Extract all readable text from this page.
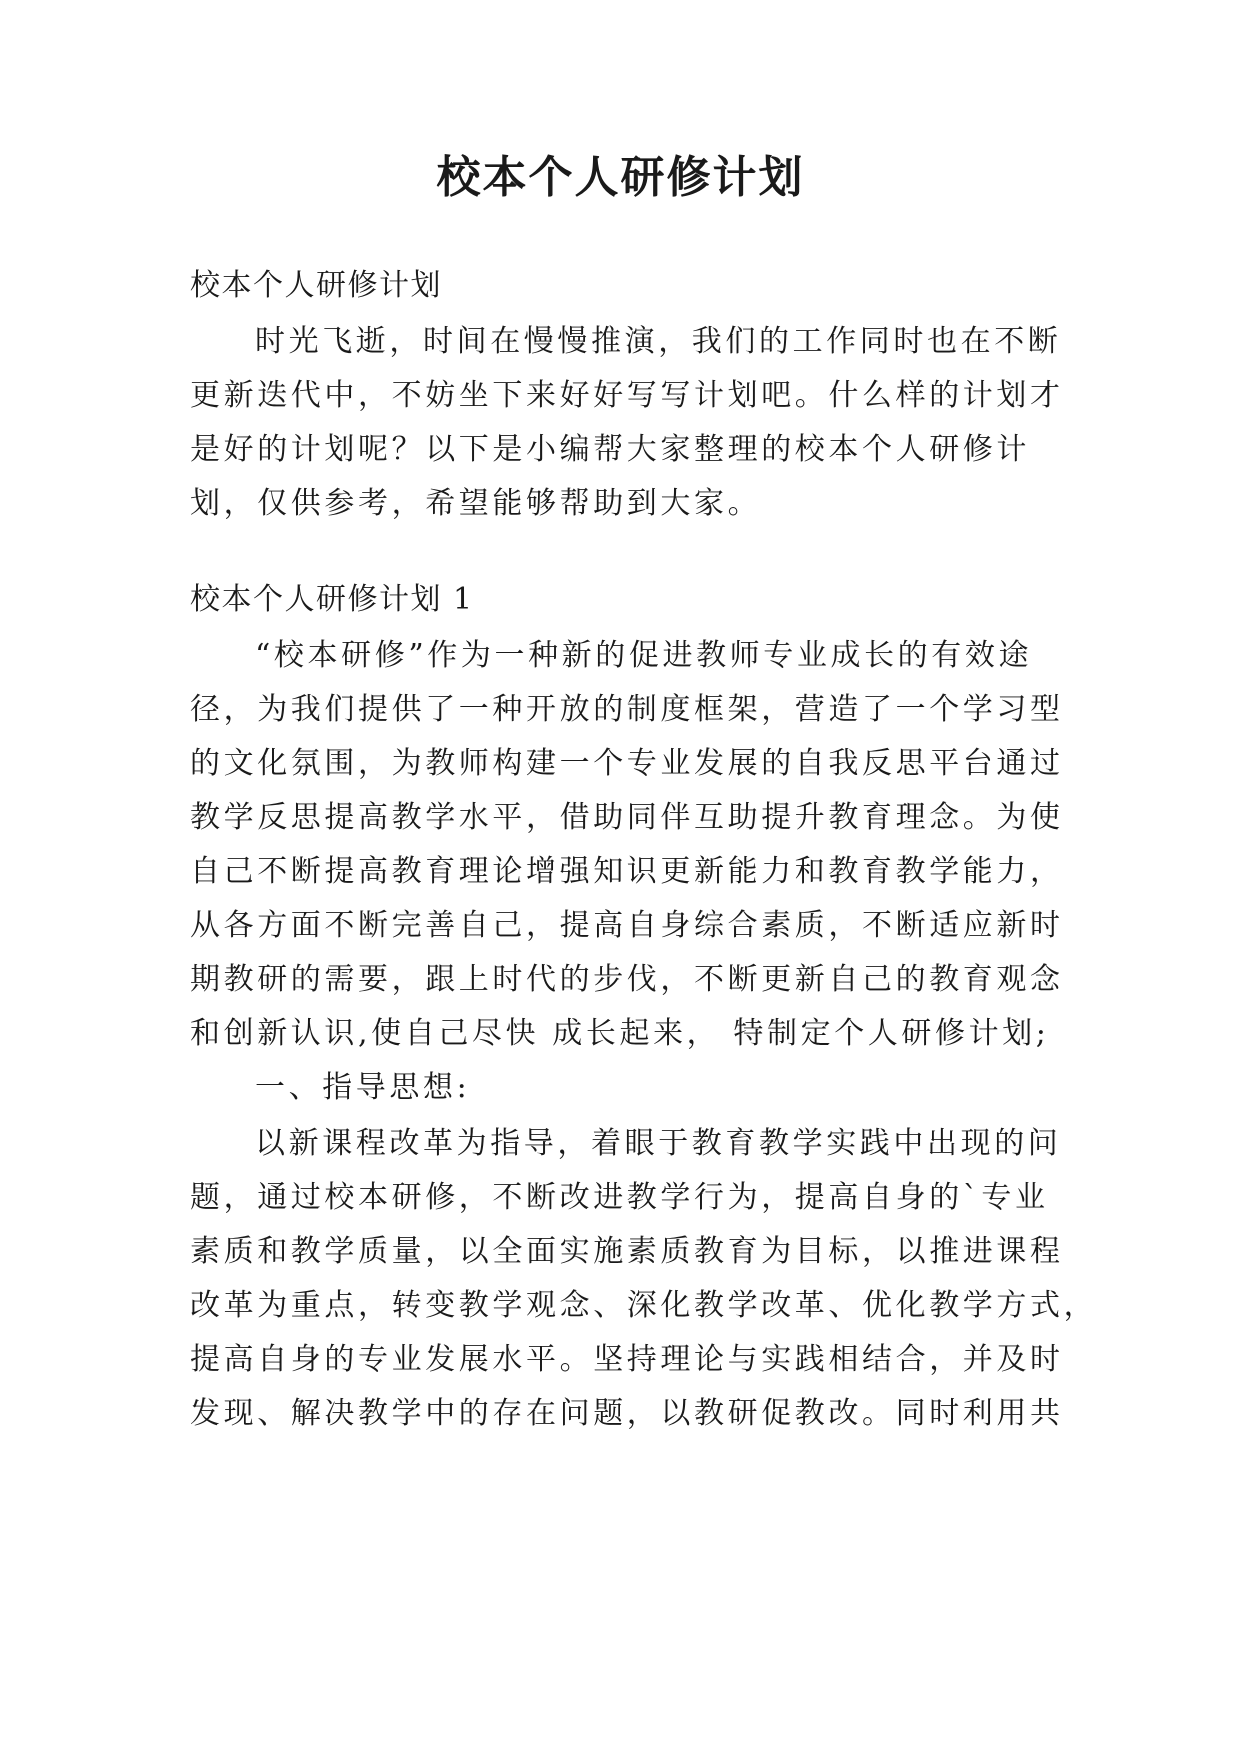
校本个人研修计划

校本个人研修计划

时光飞逝，时间在慢慢推演，我们的工作同时也在不断

更新迭代中，不妨坐下来好好写写计划吧。什么样的计划才

是好的计划呢？以下是小编帮大家整理的校本个人研修计

划，仅供参考，希望能够帮助到大家。

校本个人研修计划 1

“校本研修”作为一种新的促进教师专业成长的有效途

径，为我们提供了一种开放的制度框架，营造了一个学习型

的文化氛围，为教师构建一个专业发展的自我反思平台通过

教学反思提高教学水平，借助同伴互助提升教育理念。为使

自己不断提高教育理论增强知识更新能力和教育教学能力，

从各方面不断完善自己，提高自身综合素质，不断适应新时

期教研的需要，跟上时代的步伐，不断更新自己的教育观念

和创新认识,使自己尽快 成长起来， 特制定个人研修计划;

一、指导思想:

以新课程改革为指导，着眼于教育教学实践中出现的问

题，通过校本研修，不断改进教学行为，提高自身的`专业

素质和教学质量，以全面实施素质教育为目标，以推进课程

改革为重点，转变教学观念、深化教学改革、优化教学方式，

提高自身的专业发展水平。坚持理论与实践相结合，并及时

发现、解决教学中的存在问题，以教研促教改。同时利用共
